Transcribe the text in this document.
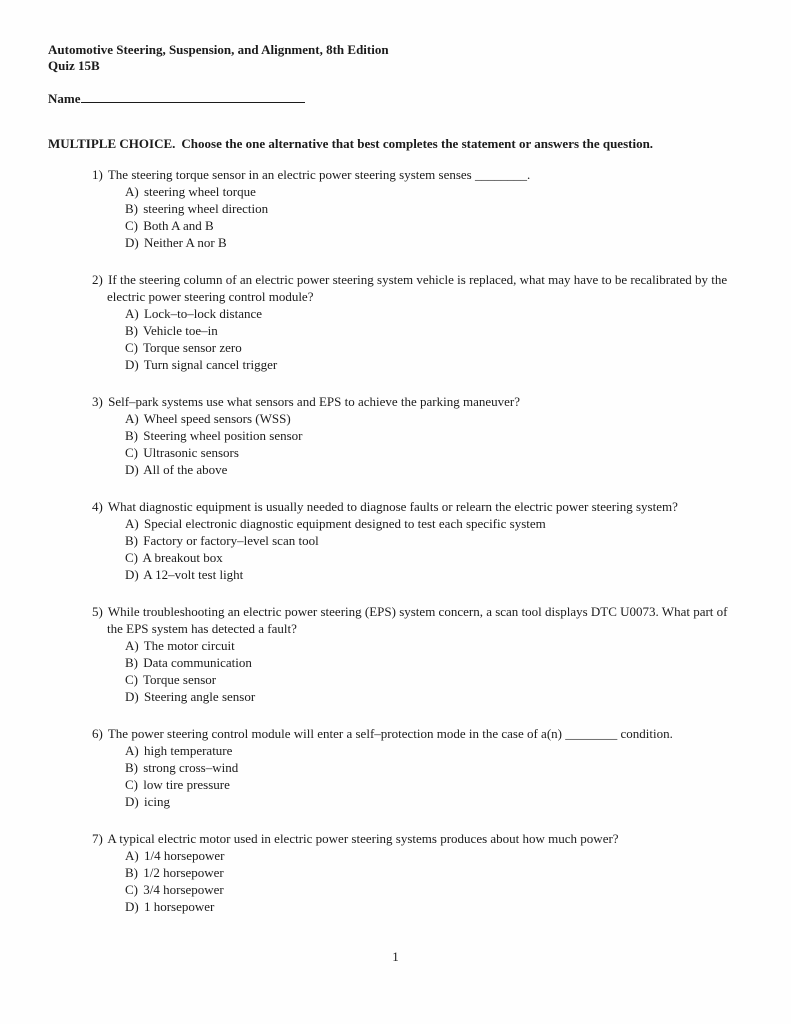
Automotive Steering, Suspension, and Alignment, 8th Edition
Quiz 15B
Name
MULTIPLE CHOICE. Choose the one alternative that best completes the statement or answers the question.
1) The steering torque sensor in an electric power steering system senses ________.
A) steering wheel torque
B) steering wheel direction
C) Both A and B
D) Neither A nor B
2) If the steering column of an electric power steering system vehicle is replaced, what may have to be recalibrated by the electric power steering control module?
A) Lock–to–lock distance
B) Vehicle toe–in
C) Torque sensor zero
D) Turn signal cancel trigger
3) Self–park systems use what sensors and EPS to achieve the parking maneuver?
A) Wheel speed sensors (WSS)
B) Steering wheel position sensor
C) Ultrasonic sensors
D) All of the above
4) What diagnostic equipment is usually needed to diagnose faults or relearn the electric power steering system?
A) Special electronic diagnostic equipment designed to test each specific system
B) Factory or factory–level scan tool
C) A breakout box
D) A 12–volt test light
5) While troubleshooting an electric power steering (EPS) system concern, a scan tool displays DTC U0073. What part of the EPS system has detected a fault?
A) The motor circuit
B) Data communication
C) Torque sensor
D) Steering angle sensor
6) The power steering control module will enter a self–protection mode in the case of a(n) ________ condition.
A) high temperature
B) strong cross–wind
C) low tire pressure
D) icing
7) A typical electric motor used in electric power steering systems produces about how much power?
A) 1/4 horsepower
B) 1/2 horsepower
C) 3/4 horsepower
D) 1 horsepower
1
